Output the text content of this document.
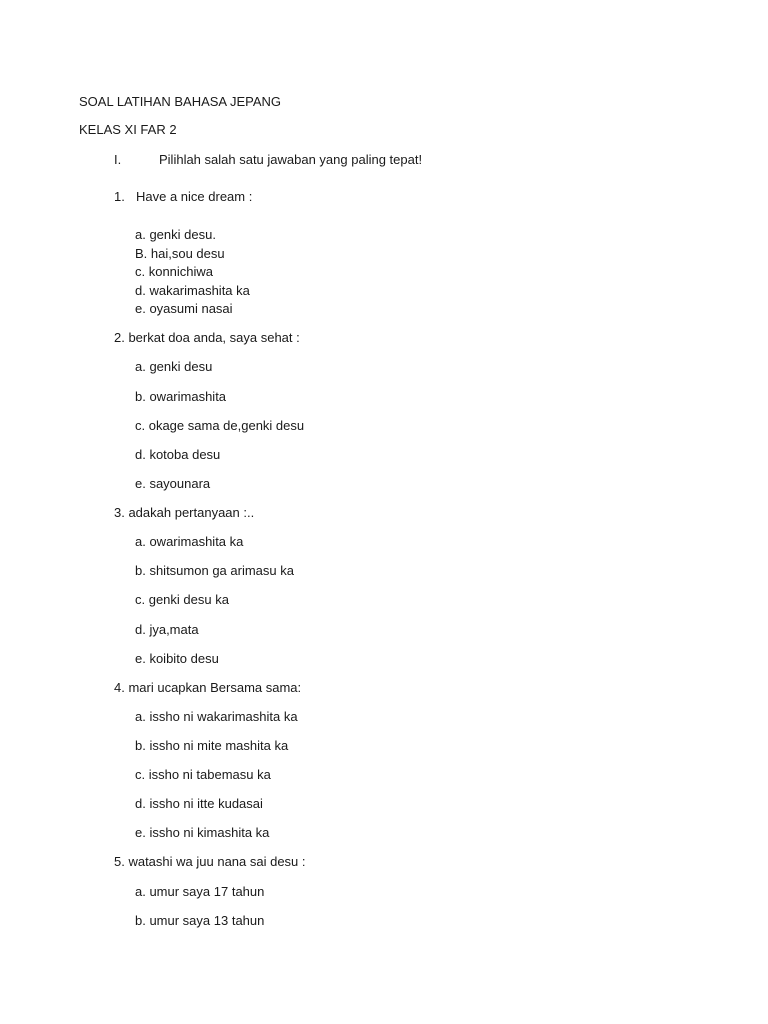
SOAL LATIHAN BAHASA JEPANG
KELAS XI FAR 2
I.	Pilihlah salah satu jawaban yang paling tepat!
1. Have a nice dream :
a. genki desu.
B. hai,sou desu
c. konnichiwa
d. wakarimashita ka
e. oyasumi nasai
2. berkat doa anda, saya sehat :
a. genki desu
b. owarimashita
c. okage sama de,genki desu
d. kotoba desu
e. sayounara
3. adakah pertanyaan :..
a. owarimashita ka
b. shitsumon ga arimasu ka
c. genki desu ka
d. jya,mata
e. koibito desu
4. mari ucapkan Bersama sama:
a. issho ni wakarimashita ka
b. issho ni mite mashita ka
c. issho ni tabemasu ka
d. issho ni itte kudasai
e. issho ni kimashita ka
5. watashi wa juu nana sai desu :
a. umur saya 17 tahun
b. umur saya 13 tahun
